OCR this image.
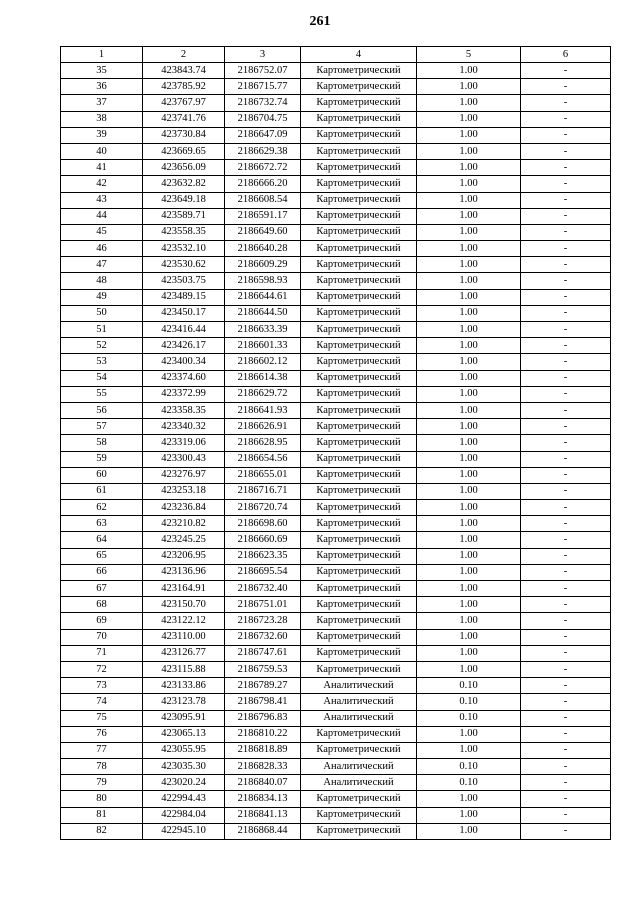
261
1	2	3	4	5	6
35	423843.74	2186752.07	Картометрический	1.00	-
36	423785.92	2186715.77	Картометрический	1.00	-
37	423767.97	2186732.74	Картометрический	1.00	-
38	423741.76	2186704.75	Картометрический	1.00	-
39	423730.84	2186647.09	Картометрический	1.00	-
40	423669.65	2186629.38	Картометрический	1.00	-
41	423656.09	2186672.72	Картометрический	1.00	-
42	423632.82	2186666.20	Картометрический	1.00	-
43	423649.18	2186608.54	Картометрический	1.00	-
44	423589.71	2186591.17	Картометрический	1.00	-
45	423558.35	2186649.60	Картометрический	1.00	-
46	423532.10	2186640.28	Картометрический	1.00	-
47	423530.62	2186609.29	Картометрический	1.00	-
48	423503.75	2186598.93	Картометрический	1.00	-
49	423489.15	2186644.61	Картометрический	1.00	-
50	423450.17	2186644.50	Картометрический	1.00	-
51	423416.44	2186633.39	Картометрический	1.00	-
52	423426.17	2186601.33	Картометрический	1.00	-
53	423400.34	2186602.12	Картометрический	1.00	-
54	423374.60	2186614.38	Картометрический	1.00	-
55	423372.99	2186629.72	Картометрический	1.00	-
56	423358.35	2186641.93	Картометрический	1.00	-
57	423340.32	2186626.91	Картометрический	1.00	-
58	423319.06	2186628.95	Картометрический	1.00	-
59	423300.43	2186654.56	Картометрический	1.00	-
60	423276.97	2186655.01	Картометрический	1.00	-
61	423253.18	2186716.71	Картометрический	1.00	-
62	423236.84	2186720.74	Картометрический	1.00	-
63	423210.82	2186698.60	Картометрический	1.00	-
64	423245.25	2186660.69	Картометрический	1.00	-
65	423206.95	2186623.35	Картометрический	1.00	-
66	423136.96	2186695.54	Картометрический	1.00	-
67	423164.91	2186732.40	Картометрический	1.00	-
68	423150.70	2186751.01	Картометрический	1.00	-
69	423122.12	2186723.28	Картометрический	1.00	-
70	423110.00	2186732.60	Картометрический	1.00	-
71	423126.77	2186747.61	Картометрический	1.00	-
72	423115.88	2186759.53	Картометрический	1.00	-
73	423133.86	2186789.27	Аналитический	0.10	-
74	423123.78	2186798.41	Аналитический	0.10	-
75	423095.91	2186796.83	Аналитический	0.10	-
76	423065.13	2186810.22	Картометрический	1.00	-
77	423055.95	2186818.89	Картометрический	1.00	-
78	423035.30	2186828.33	Аналитический	0.10	-
79	423020.24	2186840.07	Аналитический	0.10	-
80	422994.43	2186834.13	Картометрический	1.00	-
81	422984.04	2186841.13	Картометрический	1.00	-
82	422945.10	2186868.44	Картометрический	1.00	-
